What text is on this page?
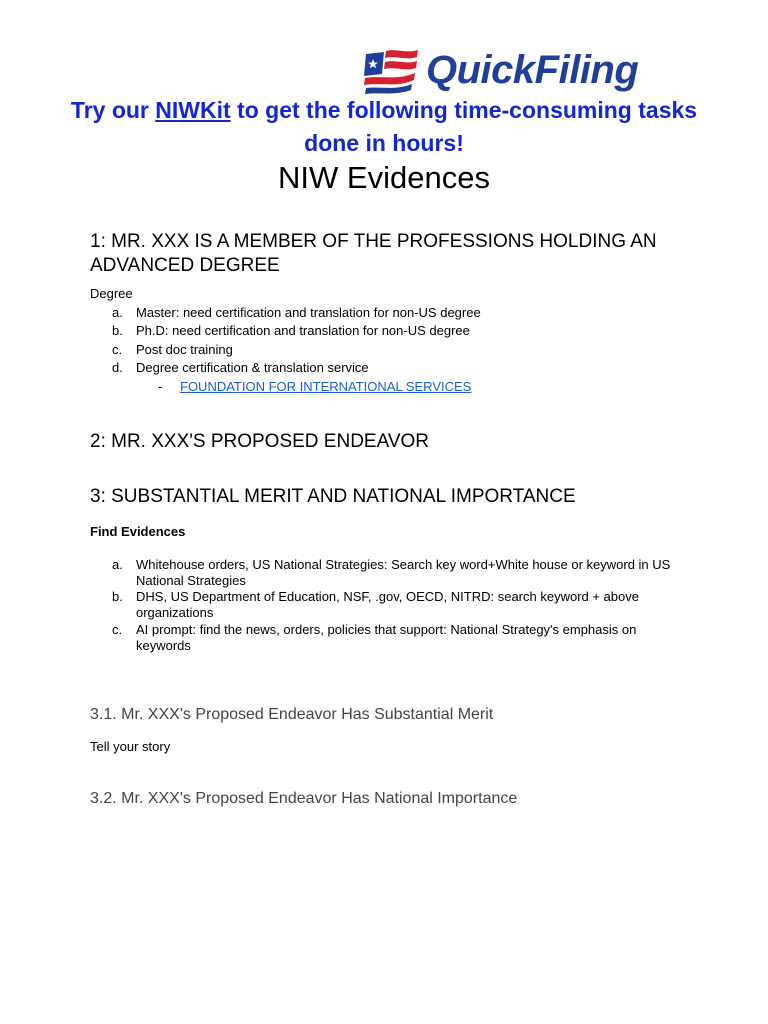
QuickFiling
Try our NIWKit to get the following time-consuming tasks done in hours!
NIW Evidences
1: MR. XXX IS A MEMBER OF THE PROFESSIONS HOLDING AN ADVANCED DEGREE
Degree
a. Master: need certification and translation for non-US degree
b. Ph.D: need certification and translation for non-US degree
c. Post doc training
d. Degree certification & translation service
- FOUNDATION FOR INTERNATIONAL SERVICES
2: MR. XXX'S PROPOSED ENDEAVOR
3: SUBSTANTIAL MERIT AND NATIONAL IMPORTANCE
Find Evidences
a. Whitehouse orders, US National Strategies: Search key word+White house or keyword in US National Strategies
b. DHS, US Department of Education, NSF, .gov, OECD, NITRD: search keyword + above organizations
c. AI prompt: find the news, orders, policies that support: National Strategy's emphasis on keywords
3.1. Mr. XXX's Proposed Endeavor Has Substantial Merit
Tell your story
3.2. Mr. XXX's Proposed Endeavor Has National Importance
